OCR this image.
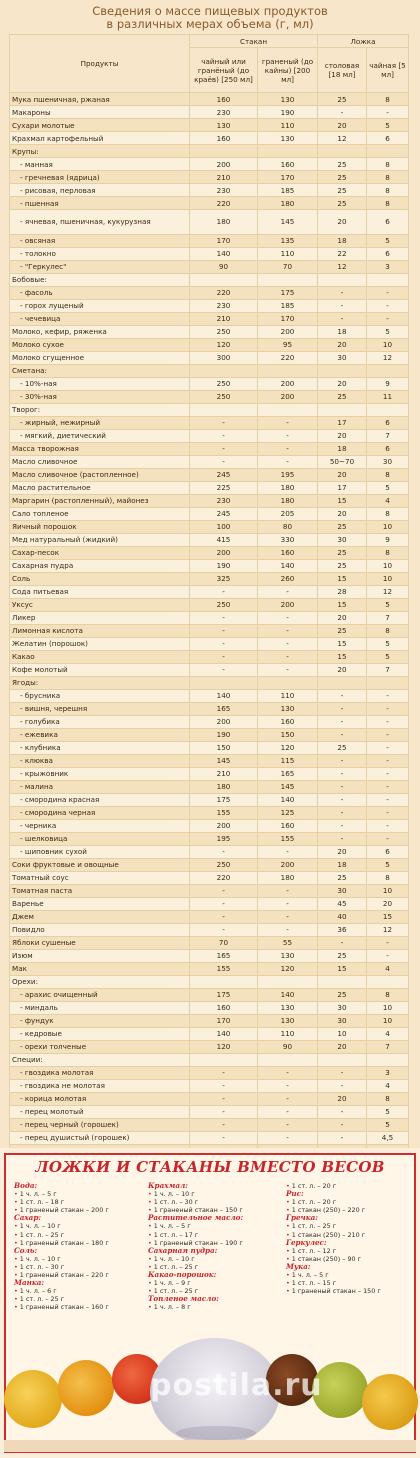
Сведения о массе пищевых продуктов
в различных мерах объема (г, мл)
Продукты	Стакан		Ложка	
	чайный или гранёный (до краёв) [250 мл]	граненый (до кайны) [200 мл]	столовая [18 мл]	чайная [5 мл]
Мука пшеничная, ржаная	160	130	25	8
Макароны	230	190	-	-
Сухари молотые	130	110	20	5
Крахмал картофельный	160	130	12	6
Крупы:				
- манная	200	160	25	8
- гречневая (ядрица)	210	170	25	8
- рисовая, перловая	230	185	25	8
- пшенная	220	180	25	8
- ячневая, пшеничная, кукурузная	180	145	20	6
- овсяная	170	135	18	5
- толокно	140	110	22	6
- "Геркулес"	90	70	12	3
Бобовые:				
- фасоль	220	175	-	-
- горох лущеный	230	185	-	-
- чечевица	210	170	-	-
Молоко, кефир, ряженка	250	200	18	5
Молоко сухое	120	95	20	10
Молоко сгущенное	300	220	30	12
Сметана:				
- 10%-ная	250	200	20	9
- 30%-ная	250	200	25	11
Творог:				
- жирный, нежирный	-	-	17	6
- мягкий, диетический	-	-	20	7
Масса творожная	-	-	18	6
Масло сливочное	-	-	50~70	30
Масло сливочное (растопленное)	245	195	20	8
Масло растительное	225	180	17	5
Маргарин (растопленный), майонез	230	180	15	4
Сало топленое	245	205	20	8
Яичный порошок	100	80	25	10
Мед натуральный (жидкий)	415	330	30	9
Сахар-песок	200	160	25	8
Сахарная пудра	190	140	25	10
Соль	325	260	15	10
Сода питьевая	-	-	28	12
Уксус	250	200	15	5
Ликер	-	-	20	7
Лимонная кислота	-	-	25	8
Желатин (порошок)	-	-	15	5
Какао	-	-	15	5
Кофе молотый	-	-	20	7
Ягоды:				
- брусника	140	110	-	-
- вишня, черешня	165	130	-	-
- голубика	200	160	-	-
- ежевика	190	150	-	-
- клубника	150	120	25	-
- клюква	145	115	-	-
- крыжовник	210	165	-	-
- малина	180	145	-	-
- смородина красная	175	140	-	-
- смородина черная	155	125	-	-
- черника	200	160	-	-
- шелковица	195	155	-	-
- шиповник сухой	-	-	20	6
Соки фруктовые и овощные	250	200	18	5
Томатный соус	220	180	25	8
Томатная паста	-	-	30	10
Варенье	-	-	45	20
Джем	-	-	40	15
Повидло	-	-	36	12
Яблоки сушеные	70	55	-	-
Изюм	165	130	25	-
Мак	155	120	15	4
Орехи:				
- арахис очищенный	175	140	25	8
- миндаль	160	130	30	10
- фундук	170	130	30	10
- кедровые	140	110	10	4
- орехи толченые	120	90	20	7
Специи:				
- гвоздика молотая	-	-	-	3
- гвоздика не молотая	-	-	-	4
- корица молотая	-	-	20	8
- перец молотый	-	-	-	5
- перец черный (горошек)	-	-	-	5
- перец душистый (горошек)	-	-	-	4,5

ЛОЖКИ И СТАКАНЫ ВМЕСТО ВЕСОВ
Вода:
• 1 ч. л. – 5 г
• 1 ст. л. – 18 г
• 1 граненый стакан – 200 г
Сахар:
• 1 ч. л. – 10 г
• 1 ст. л. – 25 г
• 1 граненый стакан – 180 г
Соль:
• 1 ч. л. – 10 г
• 1 ст. л. – 30 г
• 1 граненый стакан – 220 г
Манка:
• 1 ч. л. – 6 г
• 1 ст. л. – 25 г
• 1 граненый стакан – 160 г
Крахмал:
• 1 ч. л. – 10 г
• 1 ст. л. – 30 г
• 1 граненый стакан – 150 г
Растительное масло:
• 1 ч. л. – 5 г
• 1 ст. л. – 17 г
• 1 граненый стакан – 190 г
Сахарная пудра:
• 1 ч. л. – 10 г
• 1 ст. л. – 25 г
Какао-порошок:
• 1 ч. л. – 9 г
• 1 ст. л. – 25 г
Топленое масло:
• 1 ч. л. – 8 г
• 1 ст. л. – 20 г
Рис:
• 1 ст. л. – 20 г
• 1 стакан (250) – 220 г
Гречка:
• 1 ст. л. – 25 г
• 1 стакан (250) – 210 г
Геркулес:
• 1 ст. л. – 12 г
• 1 стакан (250) – 90 г
Мука:
• 1 ч. л. – 5 г
• 1 ст. л. – 15 г
• 1 граненый стакан – 150 г
postila.ru
